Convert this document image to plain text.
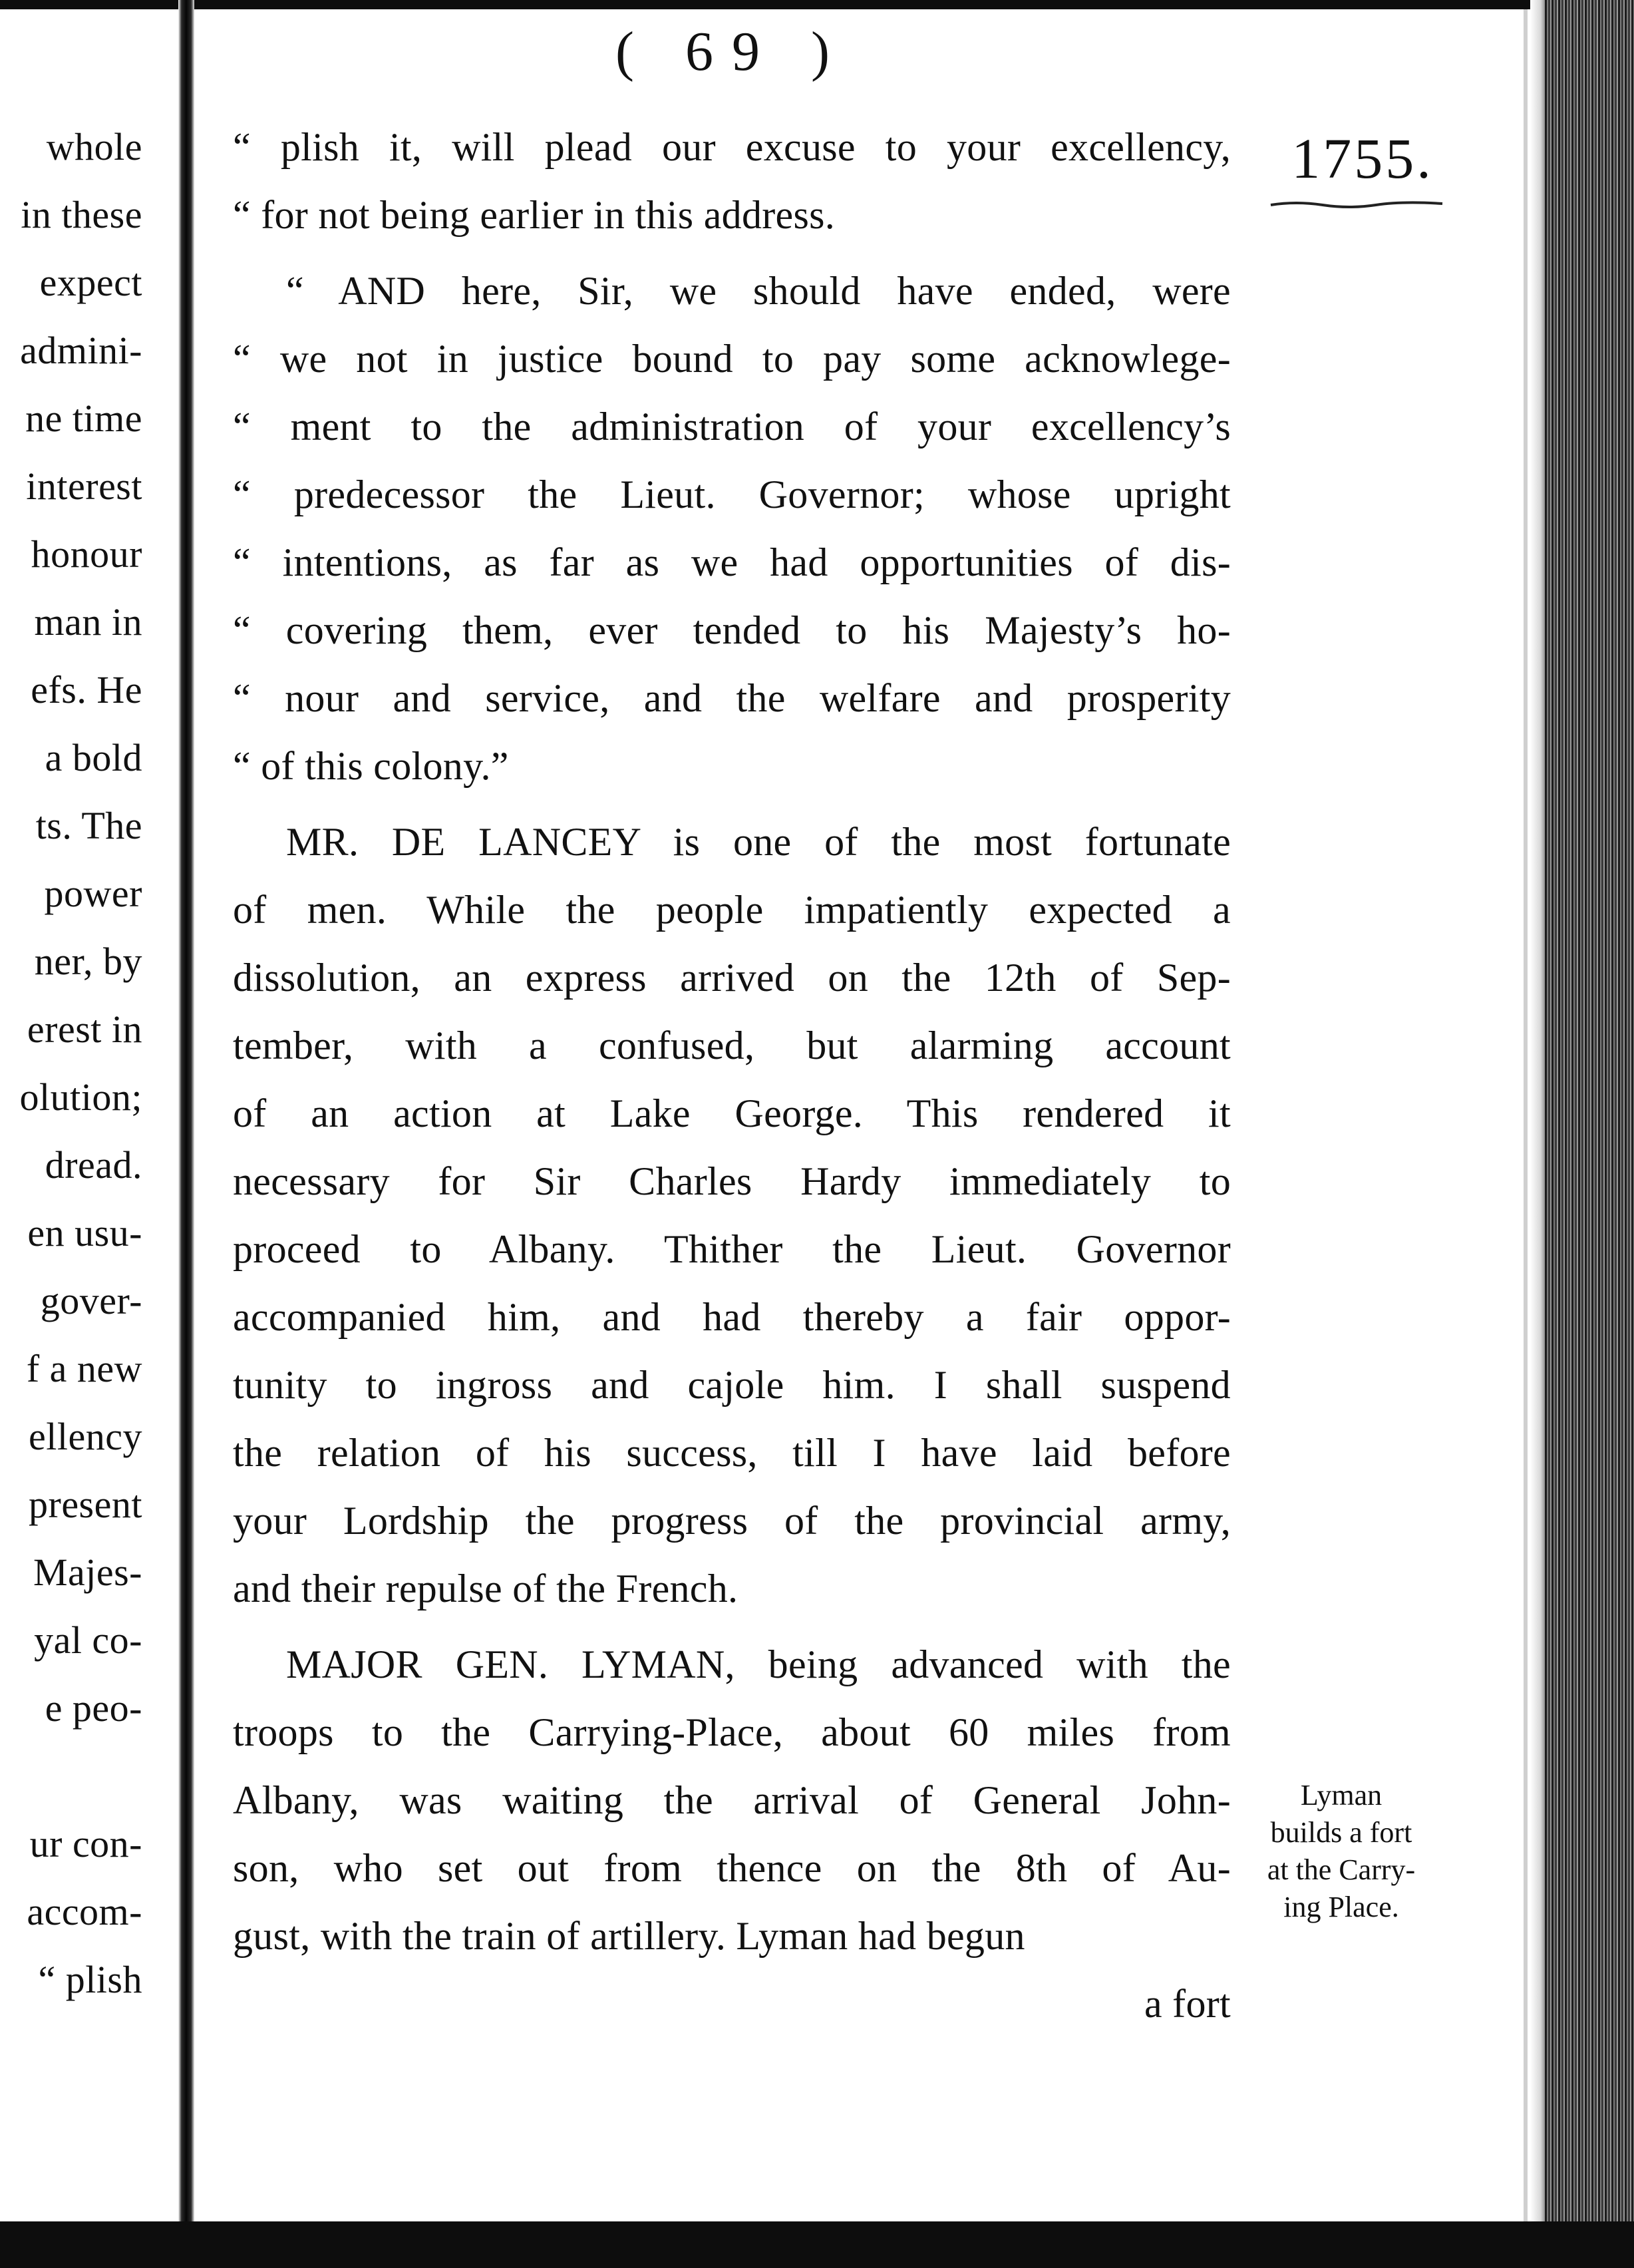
( 69 )
1755.
whole
in these
expect
admini-
ne time
interest
honour
man in
efs. He
a bold
ts. The
power
ner, by
erest in
olution;
dread.
en usu-
gover-
f a new
ellency
present
Majes-
yal co-
e peo-
ur con-
accom-
“ plish
“ plish it, will plead our excuse to your excellency,
“ for not being earlier in this address.
“ AND here, Sir, we should have ended, were
“ we not in justice bound to pay some acknowlege-
“ ment to the administration of your excellency’s
“ predecessor the Lieut. Governor; whose upright
“ intentions, as far as we had opportunities of dis-
“ covering them, ever tended to his Majesty’s ho-
“ nour and service, and the welfare and prosperity
“ of this colony.”
MR. DE LANCEY is one of the most fortunate
of men. While the people impatiently expected a
dissolution, an express arrived on the 12th of Sep-
tember, with a confused, but alarming account
of an action at Lake George. This rendered it
necessary for Sir Charles Hardy immediately to
proceed to Albany. Thither the Lieut. Governor
accompanied him, and had thereby a fair oppor-
tunity to ingross and cajole him. I shall suspend
the relation of his success, till I have laid before
your Lordship the progress of the provincial army,
and their repulse of the French.
MAJOR GEN. LYMAN, being advanced with the
troops to the Carrying-Place, about 60 miles from
Albany, was waiting the arrival of General John-
son, who set out from thence on the 8th of Au-
gust, with the train of artillery. Lyman had begun
a fort
Lyman
builds a fort
at the Carry-
ing Place.
